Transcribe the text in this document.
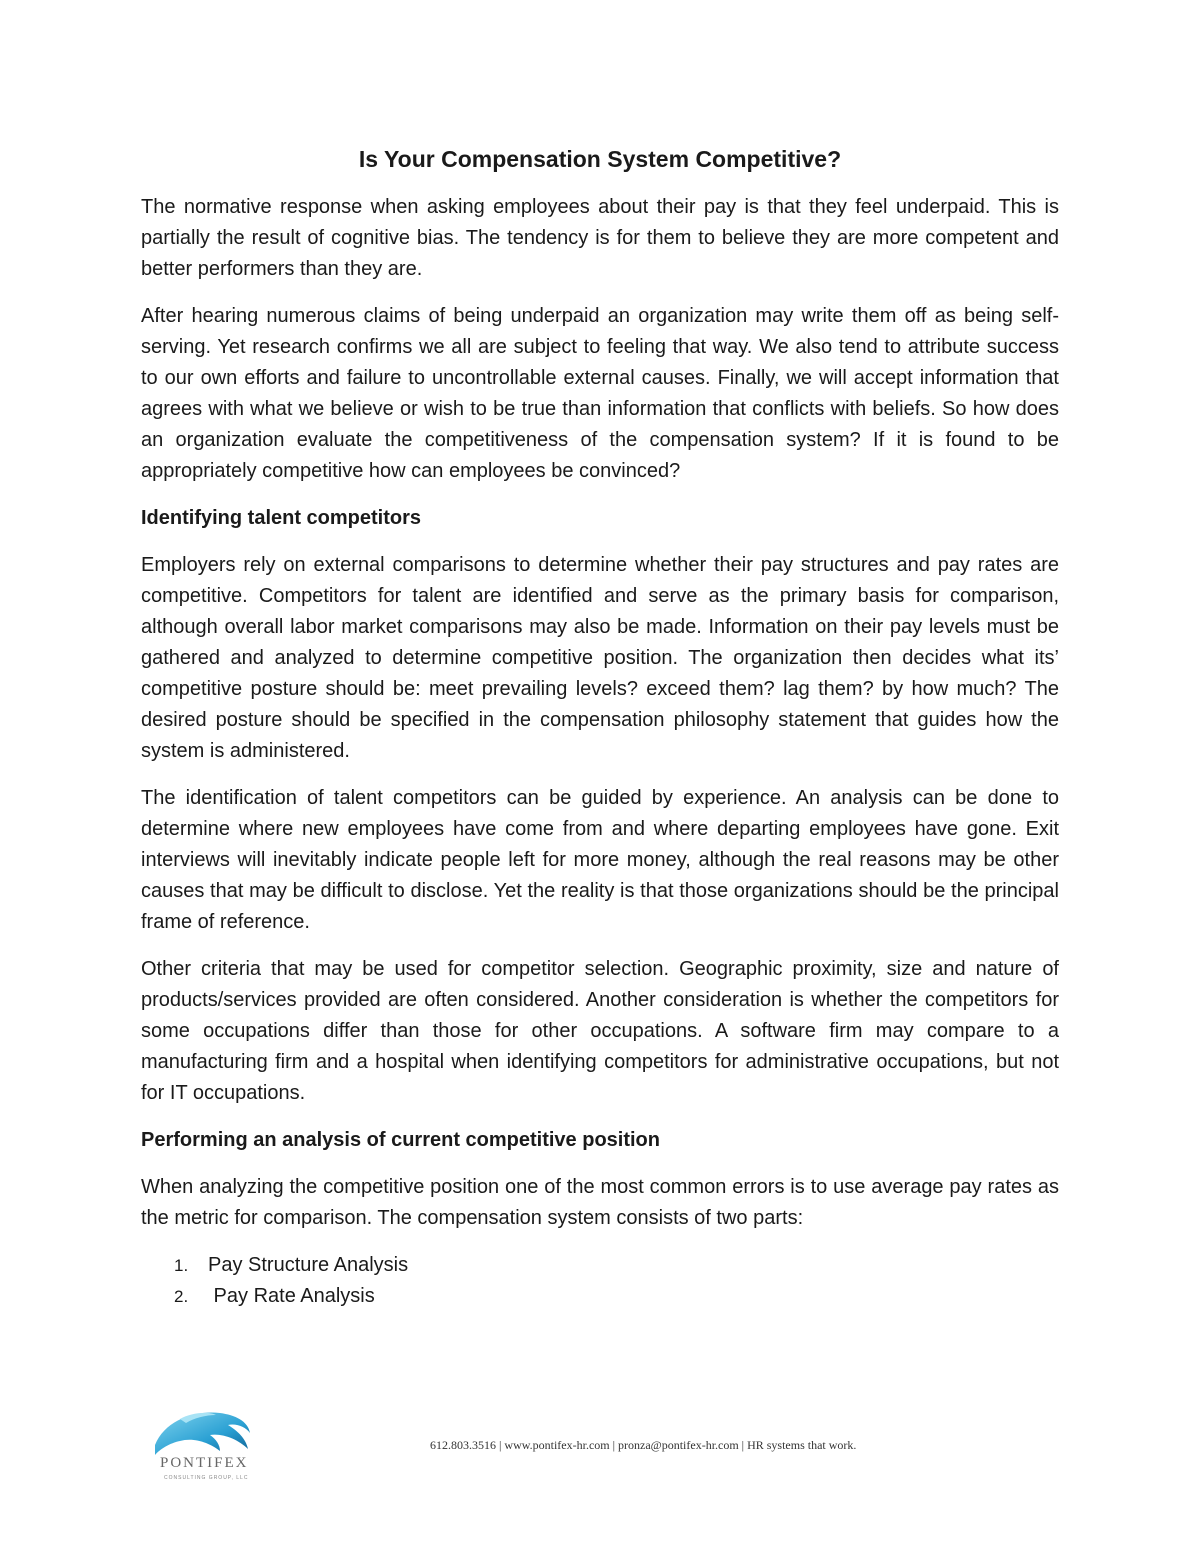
Is Your Compensation System Competitive?

The normative response when asking employees about their pay is that they feel underpaid. This is partially the result of cognitive bias. The tendency is for them to believe they are more competent and better performers than they are.

After hearing numerous claims of being underpaid an organization may write them off as being self-serving. Yet research confirms we all are subject to feeling that way. We also tend to attribute success to our own efforts and failure to uncontrollable external causes. Finally, we will accept information that agrees with what we believe or wish to be true than information that conflicts with beliefs. So how does an organization evaluate the competitiveness of the compensation system? If it is found to be appropriately competitive how can employees be convinced?

Identifying talent competitors

Employers rely on external comparisons to determine whether their pay structures and pay rates are competitive. Competitors for talent are identified and serve as the primary basis for comparison, although overall labor market comparisons may also be made. Information on their pay levels must be gathered and analyzed to determine competitive position. The organization then decides what its’ competitive posture should be: meet prevailing levels? exceed them? lag them? by how much? The desired posture should be specified in the compensation philosophy statement that guides how the system is administered.

The identification of talent competitors can be guided by experience. An analysis can be done to determine where new employees have come from and where departing employees have gone. Exit interviews will inevitably indicate people left for more money, although the real reasons may be other causes that may be difficult to disclose. Yet the reality is that those organizations should be the principal frame of reference.

Other criteria that may be used for competitor selection. Geographic proximity, size and nature of products/services provided are often considered. Another consideration is whether the competitors for some occupations differ than those for other occupations. A software firm may compare to a manufacturing firm and a hospital when identifying competitors for administrative occupations, but not for IT occupations.

Performing an analysis of current competitive position

When analyzing the competitive position one of the most common errors is to use average pay rates as the metric for comparison. The compensation system consists of two parts:

1. Pay Structure Analysis
2. Pay Rate Analysis
PONTIFEX
CONSULTING GROUP, LLC
612.803.3516 | www.pontifex-hr.com | pronza@pontifex-hr.com | HR systems that work.
